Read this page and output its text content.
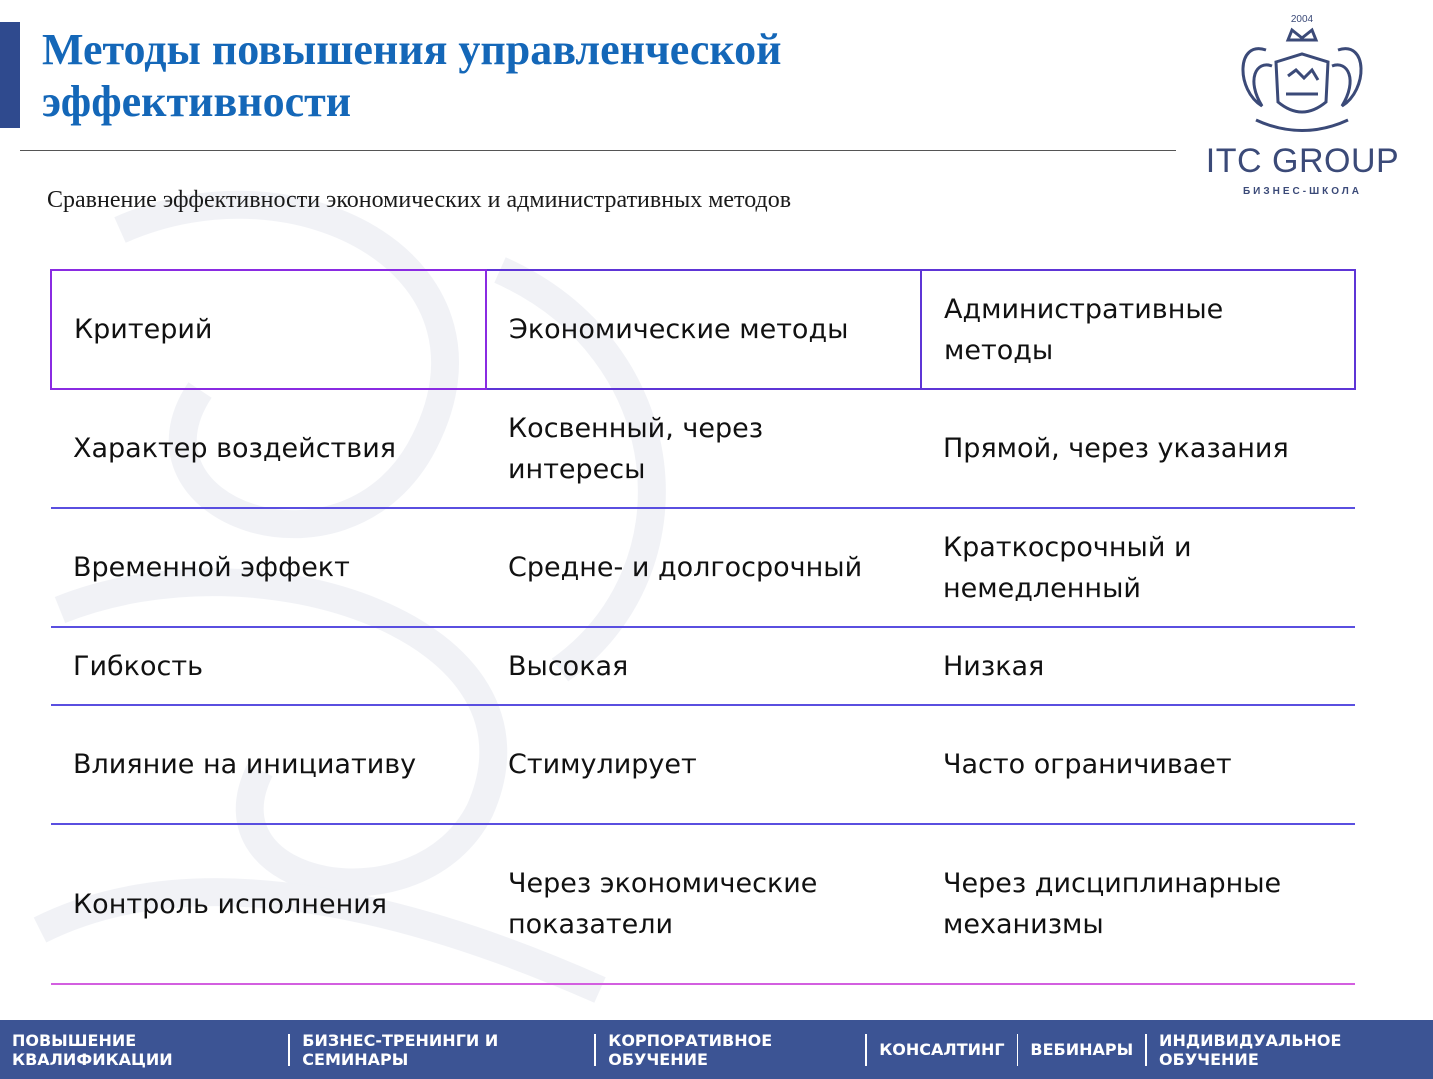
Методы повышения управленческой
эффективности
2004
ITC GROUP
БИЗНЕС-ШКОЛА
Сравнение эффективности экономических и административных методов
Критерий	Экономические методы	Административные методы
Характер воздействия	Косвенный, через интересы	Прямой, через указания
Временной эффект	Средне- и долгосрочный	Краткосрочный и немедленный
Гибкость	Высокая	Низкая
Влияние на инициативу	Стимулирует	Часто ограничивает
Контроль исполнения	Через экономические показатели	Через дисциплинарные механизмы
ПОВЫШЕНИЕ КВАЛИФИКАЦИИ
БИЗНЕС-ТРЕНИНГИ И СЕМИНАРЫ
КОРПОРАТИВНОЕ ОБУЧЕНИЕ	КОНСАЛТИНГ	ВЕБИНАРЫ	ИНДИВИДУАЛЬНОЕ ОБУЧЕНИЕ
